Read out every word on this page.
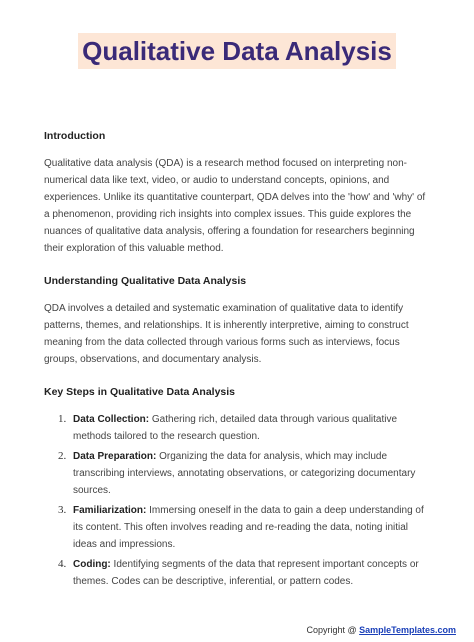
Qualitative Data Analysis
Introduction

Qualitative data analysis (QDA) is a research method focused on interpreting non-numerical data like text, video, or audio to understand concepts, opinions, and experiences. Unlike its quantitative counterpart, QDA delves into the 'how' and 'why' of a phenomenon, providing rich insights into complex issues. This guide explores the nuances of qualitative data analysis, offering a foundation for researchers beginning their exploration of this valuable method.

Understanding Qualitative Data Analysis

QDA involves a detailed and systematic examination of qualitative data to identify patterns, themes, and relationships. It is inherently interpretive, aiming to construct meaning from the data collected through various forms such as interviews, focus groups, observations, and documentary analysis.

Key Steps in Qualitative Data Analysis
1. Data Collection: Gathering rich, detailed data through various qualitative methods tailored to the research question.
2. Data Preparation: Organizing the data for analysis, which may include transcribing interviews, annotating observations, or categorizing documentary sources.
3. Familiarization: Immersing oneself in the data to gain a deep understanding of its content. This often involves reading and re-reading the data, noting initial ideas and impressions.
4. Coding: Identifying segments of the data that represent important concepts or themes. Codes can be descriptive, inferential, or pattern codes.
Copyright @ SampleTemplates.com
